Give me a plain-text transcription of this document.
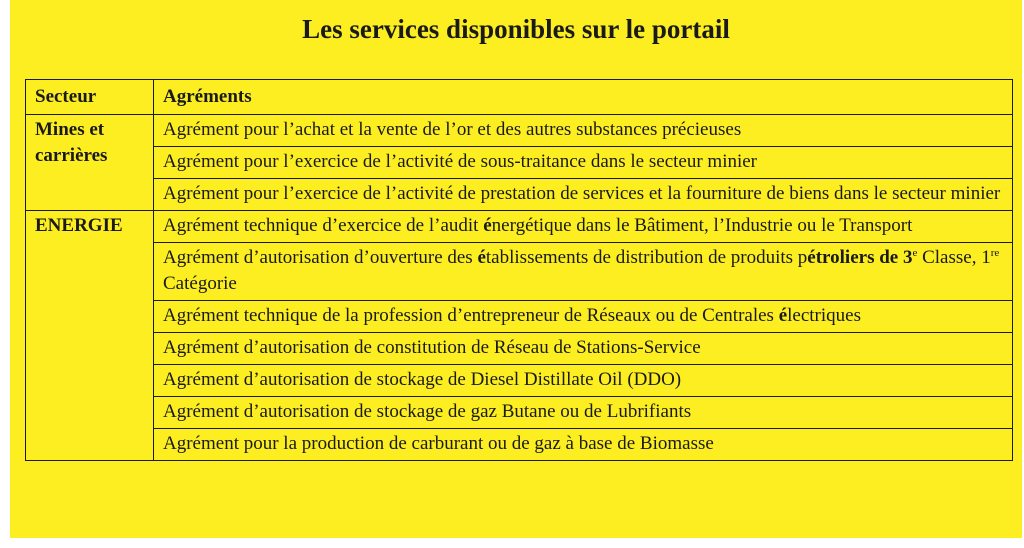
Les services disponibles sur le portail
Secteur	Agréments
Mines et
carrières	Agrément pour l’achat et la vente de l’or et des autres substances précieuses
	Agrément pour l’exercice de l’activité de sous-traitance dans le secteur minier
	Agrément pour l’exercice de l’activité de prestation de services et la fourniture de biens dans le secteur minier
ENERGIE	Agrément technique d’exercice de l’audit énergétique dans le Bâtiment, l’Industrie ou le Transport
	Agrément d’autorisation d’ouverture des établissements de distribution de produits pétroliers de 3e Classe, 1re Catégorie
	Agrément technique de la profession d’entrepreneur de Réseaux ou de Centrales électriques
	Agrément d’autorisation de constitution de Réseau de Stations-Service
	Agrément d’autorisation de stockage de Diesel Distillate Oil (DDO)
	Agrément d’autorisation de stockage de gaz Butane ou de Lubrifiants
	Agrément pour la production de carburant ou de gaz à base de Biomasse
